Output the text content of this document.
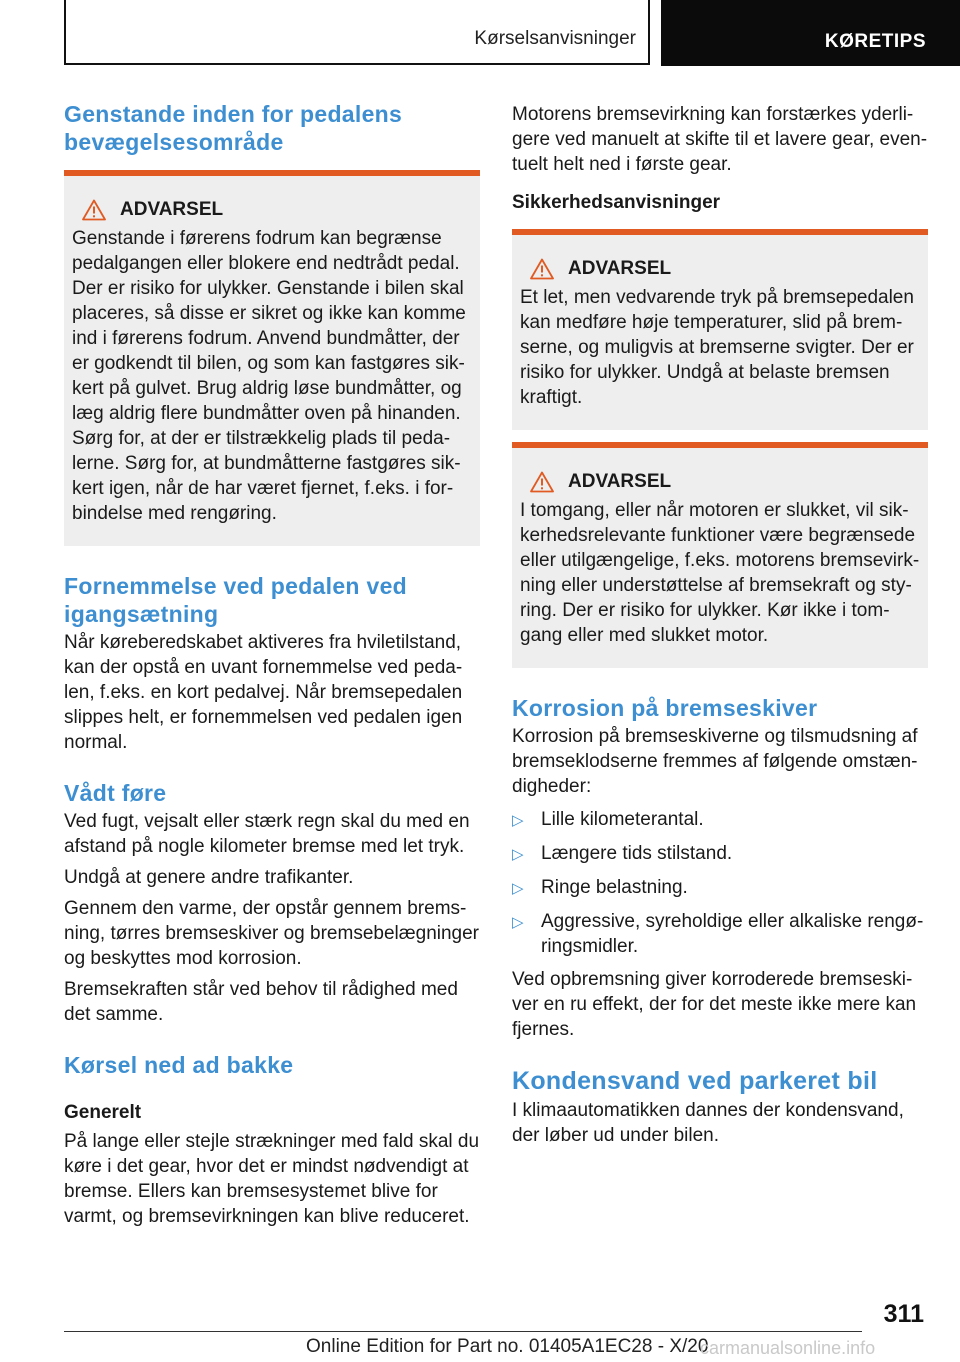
Kørselsanvisninger	KØRETIPS
Genstande inden for pedalens bevægelsesområde
ADVARSEL

Genstande i førerens fodrum kan begrænse pedalgangen eller blokere end nedtrådt pedal. Der er risiko for ulykker. Genstande i bilen skal placeres, så disse er sikret og ikke kan komme ind i førerens fodrum. Anvend bundmåtter, der er godkendt til bilen, og som kan fastgøres sikkert på gulvet. Brug aldrig løse bundmåtter, og læg aldrig flere bundmåtter oven på hinanden. Sørg for, at der er tilstrækkelig plads til pedalerne. Sørg for, at bundmåtterne fastgøres sikkert igen, når de har været fjernet, f.eks. i forbindelse med rengøring.

Fornemmelse ved pedalen ved igangsætning

Når køreberedskabet aktiveres fra hviletilstand, kan der opstå en uvant fornemmelse ved pedalen, f.eks. en kort pedalvej. Når bremsepedalen slippes helt, er fornemmelsen ved pedalen igen normal.

Vådt føre

Ved fugt, vejsalt eller stærk regn skal du med en afstand på nogle kilometer bremse med let tryk.

Undgå at genere andre trafikanter.

Gennem den varme, der opstår gennem bremsning, tørres bremseskiver og bremsebelægninger og beskyttes mod korrosion.

Bremsekraften står ved behov til rådighed med det samme.

Kørsel ned ad bakke
Generelt

På lange eller stejle strækninger med fald skal du køre i det gear, hvor det er mindst nødvendigt at bremse. Ellers kan bremsesystemet blive for varmt, og bremsevirkningen kan blive reduceret.

Motorens bremsevirkning kan forstærkes yderligere ved manuelt at skifte til et lavere gear, eventuelt helt ned i første gear.

Sikkerhedsanvisninger
ADVARSEL

Et let, men vedvarende tryk på bremsepedalen kan medføre høje temperaturer, slid på bremserne, og muligvis at bremserne svigter. Der er risiko for ulykker. Undgå at belaste bremsen kraftigt.

ADVARSEL

I tomgang, eller når motoren er slukket, vil sikkerhedsrelevante funktioner være begrænsede eller utilgængelige, f.eks. motorens bremsevirkning eller understøttelse af bremsekraft og styring. Der er risiko for ulykker. Kør ikke i tomgang eller med slukket motor.

Korrosion på bremseskiver

Korrosion på bremseskiverne og tilsmudsning af bremseklodserne fremmes af følgende omstændigheder:

▷ Lille kilometerantal.
▷ Længere tids stilstand.
▷ Ringe belastning.
▷ Aggressive, syreholdige eller alkaliske rengøringsmidler.

Ved opbremsning giver korroderede bremseskiver en ru effekt, der for det meste ikke mere kan fjernes.

Kondensvand ved parkeret bil

I klimaautomatikken dannes der kondensvand, der løber ud under bilen.

311
Online Edition for Part no. 01405A1EC28 - X/20
carmanualsonline.info
